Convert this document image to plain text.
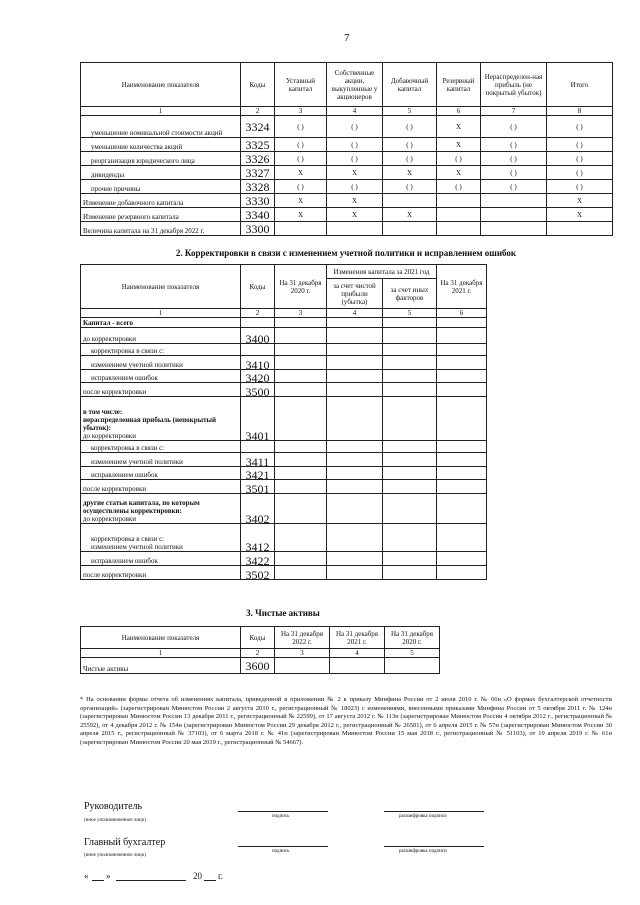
7
Наименование показателя	Коды	Уставный капитал	Собственные акции, выкупленные у акционеров	Добавочный капитал	Резервный капитал	Нераспределен-ная прибыль (не покрытый убыток)	Итого
1	2	3	4	5	6	7	8
уменьшение номинальной стоимости акций	3324	( )	( )	( )	X	( )	( )
уменьшение количества акций	3325	( )	( )	( )	X	( )	( )
реорганизация юридического лица	3326	( )	( )	( )	( )	( )	( )
дивиденды	3327	X	X	X	X	( )	( )
прочие причины	3328	( )	( )	( )	( )	( )	( )
Изменение добавочного капитала	3330	X	X				X
Изменение резервного капитала	3340	X	X	X			X
Величина капитала на 31 декабря 2022 г.	3300						
2. Корректировки в связи с изменением учетной политики и исправлением ошибок
Наименование показателя	Коды	На 31 декабря 2020 г.	Изменения капитала за 2021 год		На 31 декабря 2021 г.
			за счет чистой прибыли (убытка)	за счет иных факторов	
1	2	3	4	5	6

Капитал - всего					

до корректировки	3400				

корректировка в связи с:					

изменением учетной политики	3410				

исправлением ошибок	3420				

после корректировки	3500				

в том числе:
нераспределенная прибыль (непокрытый убыток):
до корректировки	3401				

корректировка в связи с:					

изменением учетной политики	3411				

исправлением ошибок	3421				

после корректировки	3501				

другие статьи капитала, по которым осуществлены корректировки:
до корректировки	3402				

корректировка в связи с:
изменением учетной политики	3412				

исправлением ошибок	3422				

после корректировки	3502				
3. Чистые активы
Наименование показателя	Коды	На 31 декабря 2022 г.	На 31 декабря 2021 г.	На 31 декабря 2020 г.
1	2	3	4	5
Чистые активы	3600			
* На основании формы отчета об изменениях капитала, приведенной в приложении № 2 к приказу Минфина России от 2 июля 2010 г. № 66н «О формах бухгалтерской отчетности организаций» (зарегистрирован Минюстом России 2 августа 2010 г., регистрационный № 18023) с изменениями, внесенными приказами Минфина России от 5 октября 2011 г. № 124н (зарегистрирован Минюстом России 13 декабря 2011 г., регистрационный № 22599), от 17 августа 2012 г. № 113н (зарегистрирован Минюстом России 4 октября 2012 г., регистрационный № 25592), от 4 декабря 2012 г. № 154н (зарегистрирован Минюстом России 29 декабря 2012 г., регистрационный № 26501), от 6 апреля 2015 г. № 57н (зарегистрирован Минюстом России 30 апреля 2015 г., регистрационный № 37103), от 6 марта 2018 г. № 41н (зарегистрирован Минюстом России 15 мая 2018 г., регистрационный № 51103), от 19 апреля 2019 г. № 61н (зарегистрирован Минюстом России 20 мая 2019 г., регистрационный № 54667).
Руководитель
(иное уполномоченное лицо)
подпись	расшифровка подписи
Главный бухгалтер
(иное уполномоченное лицо)
подпись	расшифровка подписи
« »	20 г.
